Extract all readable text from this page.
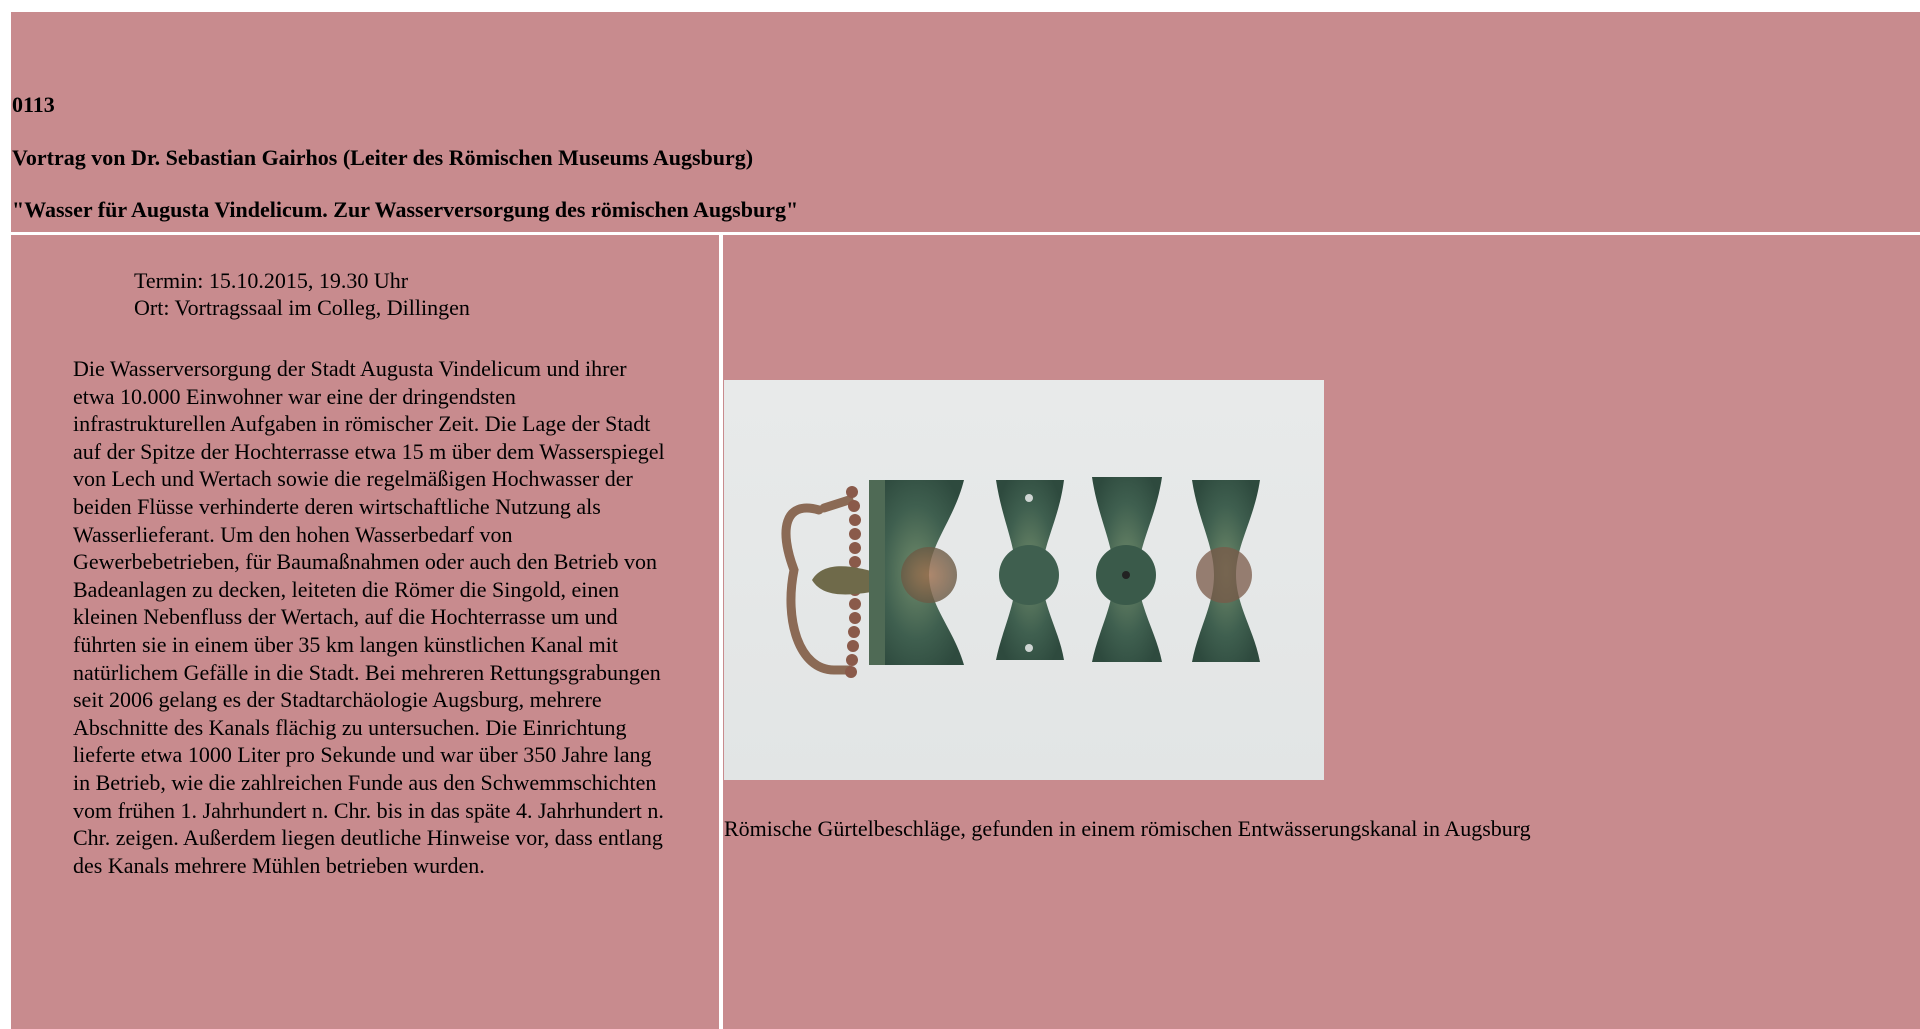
0113
Vortrag von Dr. Sebastian Gairhos (Leiter des Römischen Museums Augsburg)
"Wasser für Augusta Vindelicum. Zur Wasserversorgung des römischen Augsburg"
Termin: 15.10.2015, 19.30 Uhr
Ort: Vortragssaal im Colleg, Dillingen

Die Wasserversorgung der Stadt Augusta Vindelicum und ihrer etwa 10.000 Einwohner war eine der dringendsten infrastrukturellen Aufgaben in römischer Zeit. Die Lage der Stadt auf der Spitze der Hochterrasse etwa 15 m über dem Wasserspiegel von Lech und Wertach sowie die regelmäßigen Hochwasser der beiden Flüsse verhinderte deren wirtschaftliche Nutzung als Wasserlieferant. Um den hohen Wasserbedarf von Gewerbebetrieben, für Baumaßnahmen oder auch den Betrieb von Badeanlagen zu decken, leiteten die Römer die Singold, einen kleinen Nebenfluss der Wertach, auf die Hochterrasse um und führten sie in einem über 35 km langen künstlichen Kanal mit natürlichem Gefälle in die Stadt. Bei mehreren Rettungsgrabungen seit 2006 gelang es der Stadtarchäologie Augsburg, mehrere Abschnitte des Kanals flächig zu untersuchen. Die Einrichtung lieferte etwa 1000 Liter pro Sekunde und war über 350 Jahre lang in Betrieb, wie die zahlreichen Funde aus den Schwemmschichten vom frühen 1. Jahrhundert n. Chr. bis in das späte 4. Jahrhundert n. Chr. zeigen. Außerdem liegen deutliche Hinweise vor, dass entlang des Kanals mehrere Mühlen betrieben wurden.

Römische Gürtelbeschläge, gefunden in einem römischen Entwässerungskanal in Augsburg
